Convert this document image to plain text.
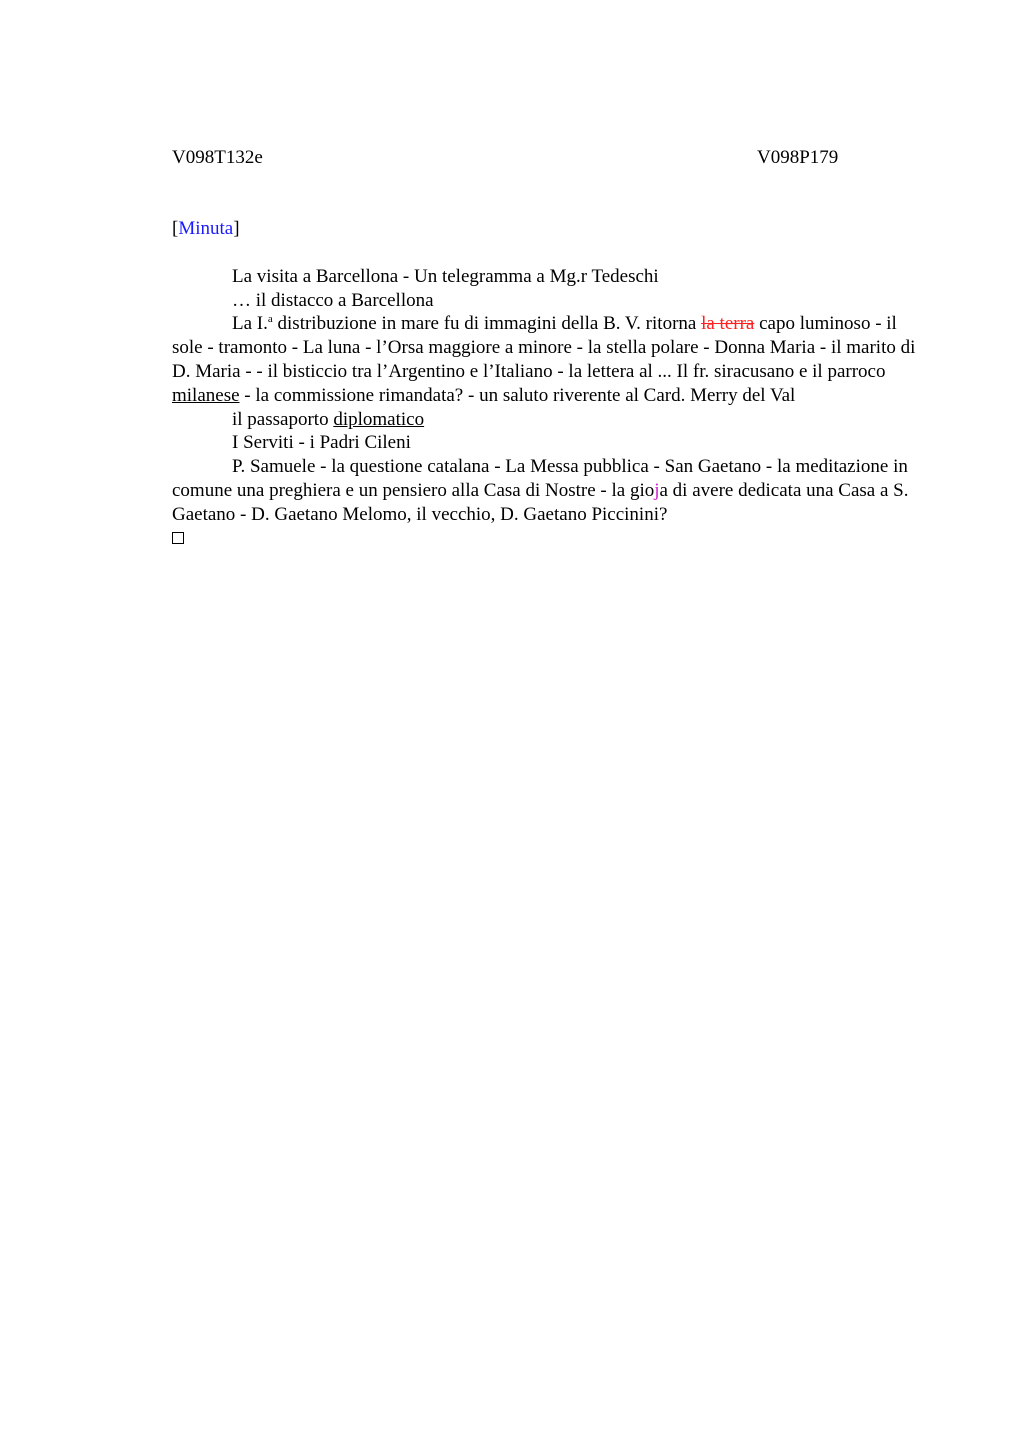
V098T132e	V098P179
[Minuta]

La visita a Barcellona - Un telegramma a Mg.r Tedeschi

… il distacco a Barcellona

La I.$^a$ distribuzione in mare fu di immagini della B. V. ritorna la terra capo luminoso - il sole - tramonto - La luna - l’Orsa maggiore a minore - la stella polare - Donna Maria - il marito di D. Maria - - il bisticcio tra l’Argentino e l’Italiano - la lettera al ... Il fr. siracusano e il parroco milanese - la commissione rimandata? - un saluto riverente al Card. Merry del Val

il passaporto diplomatico

I Serviti - i Padri Cileni

P. Samuele - la questione catalana - La Messa pubblica - San Gaetano - la meditazione in comune una preghiera e un pensiero alla Casa di Nostre - la gioja di avere dedicata una Casa a S. Gaetano - D. Gaetano Melomo, il vecchio, D. Gaetano Piccinini?
